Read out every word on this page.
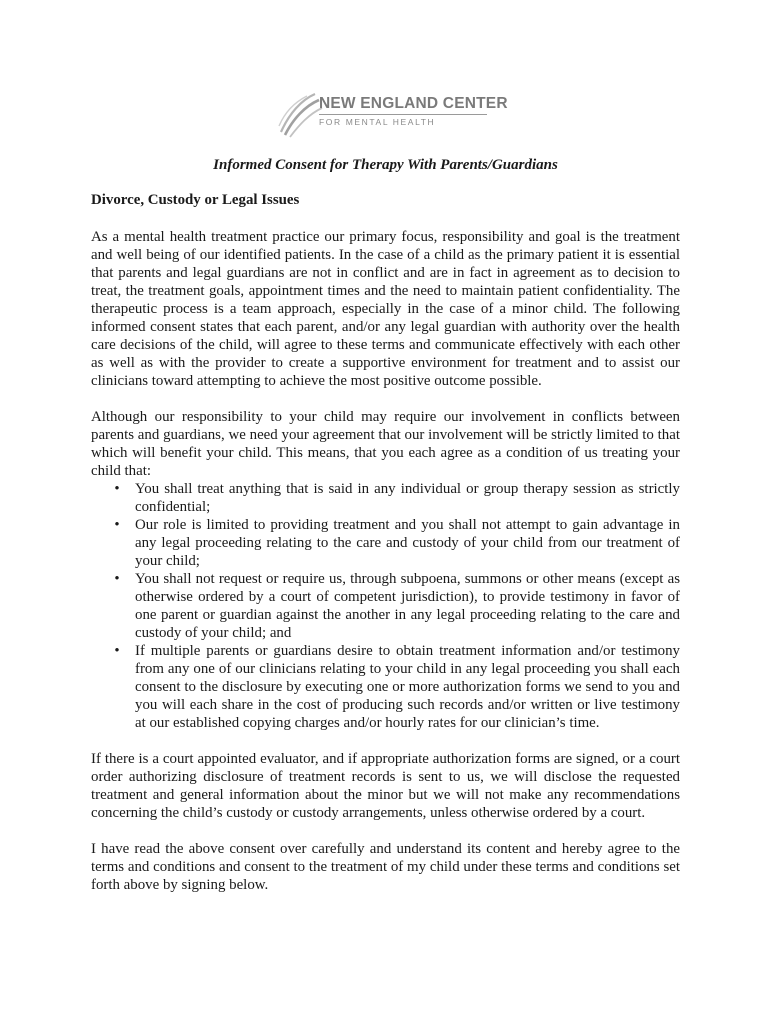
NEW ENGLAND CENTER
FOR MENTAL HEALTH
Informed Consent for Therapy With Parents/Guardians
Divorce, Custody or Legal Issues

As a mental health treatment practice our primary focus, responsibility and goal is the treatment and well being of our identified patients. In the case of a child as the primary patient it is essential that parents and legal guardians are not in conflict and are in fact in agreement as to decision to treat, the treatment goals, appointment times and the need to maintain patient confidentiality. The therapeutic process is a team approach, especially in the case of a minor child. The following informed consent states that each parent, and/or any legal guardian with authority over the health care decisions of the child, will agree to these terms and communicate effectively with each other as well as with the provider to create a supportive environment for treatment and to assist our clinicians toward attempting to achieve the most positive outcome possible.

Although our responsibility to your child may require our involvement in conflicts between parents and guardians, we need your agreement that our involvement will be strictly limited to that which will benefit your child. This means, that you each agree as a condition of us treating your child that:

• You shall treat anything that is said in any individual or group therapy session as strictly confidential;
• Our role is limited to providing treatment and you shall not attempt to gain advantage in any legal proceeding relating to the care and custody of your child from our treatment of your child;
• You shall not request or require us, through subpoena, summons or other means (except as otherwise ordered by a court of competent jurisdiction), to provide testimony in favor of one parent or guardian against the another in any legal proceeding relating to the care and custody of your child; and
• If multiple parents or guardians desire to obtain treatment information and/or testimony from any one of our clinicians relating to your child in any legal proceeding you shall each consent to the disclosure by executing one or more authorization forms we send to you and you will each share in the cost of producing such records and/or written or live testimony at our established copying charges and/or hourly rates for our clinician’s time.

If there is a court appointed evaluator, and if appropriate authorization forms are signed, or a court order authorizing disclosure of treatment records is sent to us, we will disclose the requested treatment and general information about the minor but we will not make any recommendations concerning the child’s custody or custody arrangements, unless otherwise ordered by a court.

I have read the above consent over carefully and understand its content and hereby agree to the terms and conditions and consent to the treatment of my child under these terms and conditions set forth above by signing below.
